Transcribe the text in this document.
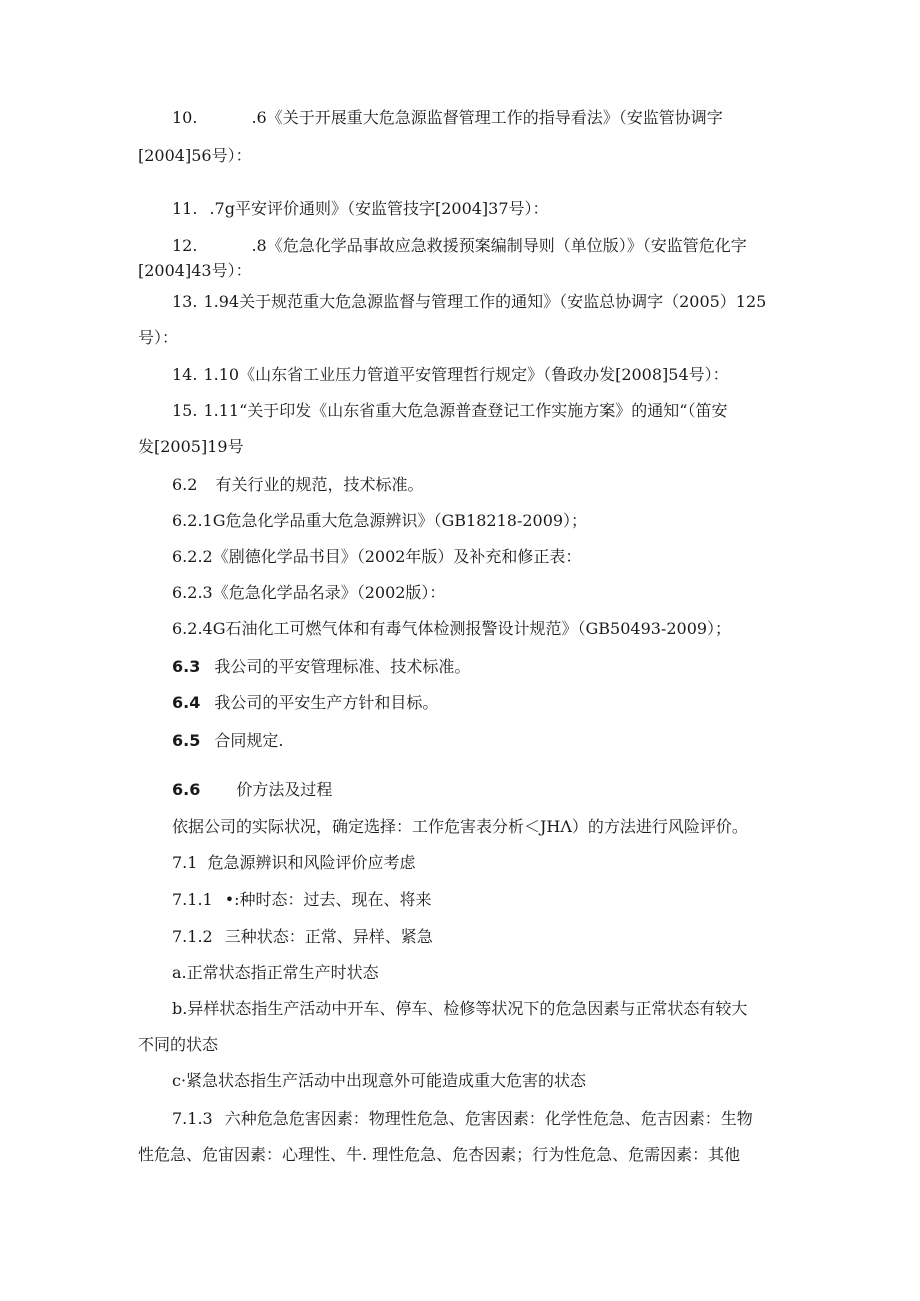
10.	.6《关于开展重大危急源监督管理工作的指导看法》（安监管协调字
[2004]56号）：
11. .7g平安评价通则》（安监管技字[2004]37号）：
12.	.8《危急化学品事故应急救援预案编制导则（单位版）》（安监管危化字
[2004]43号）：
13. 1.94关于规范重大危急源监督与管理工作的通知》（安监总协调字（2005）125
号）：
14. 1.10《山东省工业压力管道平安管理哲行规定》（鲁政办发[2008]54号）：
15. 1.11“关于印发《山东省重大危急源普查登记工作实施方案》的通知“（笛安
发[2005]19号
6.2 有关行业的规范，技术标准。
6.2.1G危急化学品重大危急源辨识》（GB18218-2009）；
6.2.2《剧德化学品书目》（2002年版）及补充和修正表：
6.2.3《危急化学品名录》（2002版）：
6.2.4G石油化工可燃气体和有毒气体检测报警设计规范》（GB50493-2009）；
6.3 我公司的平安管理标准、技术标准。
6.4 我公司的平安生产方针和目标。
6.5 合同规定.
6.6 价方法及过程
依据公司的实际状况，确定选择：工作危害表分析＜JHΛ）的方法进行风险评价。
7.1 危急源辨识和风险评价应考虑
7.1.1 •:种时态：过去、现在、将来
7.1.2 三种状态：正常、异样、紧急
a.正常状态指正常生产时状态
b.异样状态指生产活动中开车、停车、检修等状况下的危急因素与正常状态有较大
不同的状态
c·紧急状态指生产活动中出现意外可能造成重大危害的状态
7.1.3 六种危急危害因素：物理性危急、危害因素：化学性危急、危吉因素：生物
性危急、危宙因素：心理性、牛. 理性危急、危杏因素；行为性危急、危需因素：其他
